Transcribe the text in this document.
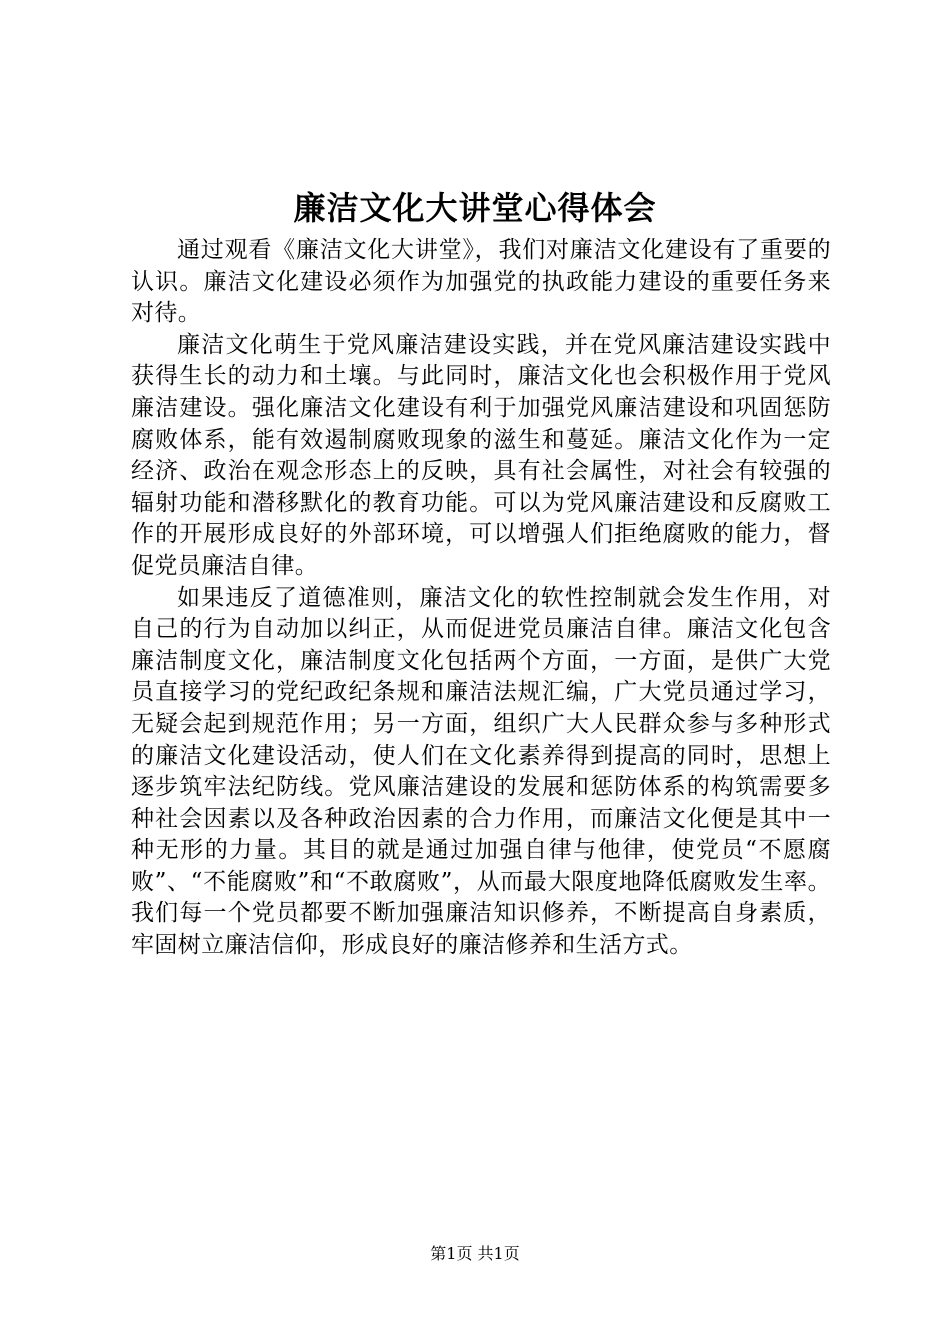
廉洁文化大讲堂心得体会

通过观看《廉洁文化大讲堂》，我们对廉洁文化建设有了重要的认识。廉洁文化建设必须作为加强党的执政能力建设的重要任务来对待。

廉洁文化萌生于党风廉洁建设实践，并在党风廉洁建设实践中获得生长的动力和土壤。与此同时，廉洁文化也会积极作用于党风廉洁建设。强化廉洁文化建设有利于加强党风廉洁建设和巩固惩防腐败体系，能有效遏制腐败现象的滋生和蔓延。廉洁文化作为一定经济、政治在观念形态上的反映，具有社会属性，对社会有较强的辐射功能和潜移默化的教育功能。可以为党风廉洁建设和反腐败工作的开展形成良好的外部环境，可以增强人们拒绝腐败的能力，督促党员廉洁自律。

如果违反了道德准则，廉洁文化的软性控制就会发生作用，对自己的行为自动加以纠正，从而促进党员廉洁自律。廉洁文化包含廉洁制度文化，廉洁制度文化包括两个方面，一方面，是供广大党员直接学习的党纪政纪条规和廉洁法规汇编，广大党员通过学习，无疑会起到规范作用；另一方面，组织广大人民群众参与多种形式的廉洁文化建设活动，使人们在文化素养得到提高的同时，思想上逐步筑牢法纪防线。党风廉洁建设的发展和惩防体系的构筑需要多种社会因素以及各种政治因素的合力作用，而廉洁文化便是其中一种无形的力量。其目的就是通过加强自律与他律，使党员“不愿腐败”、“不能腐败”和“不敢腐败”，从而最大限度地降低腐败发生率。我们每一个党员都要不断加强廉洁知识修养，不断提高自身素质，牢固树立廉洁信仰，形成良好的廉洁修养和生活方式。

第1页 共1页
